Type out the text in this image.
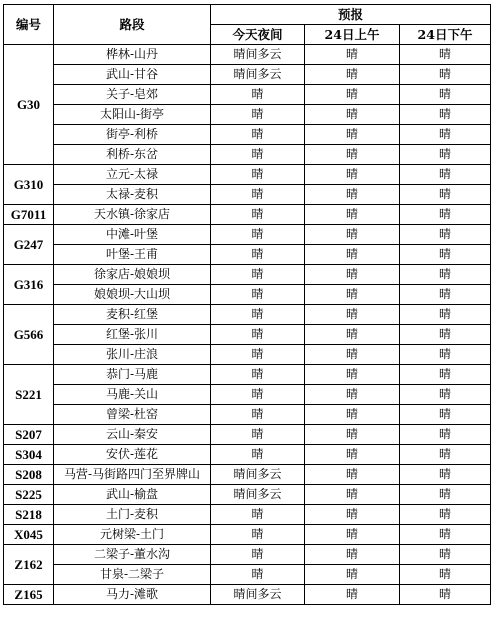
编号	路段	预报		
		今天夜间	24日上午	24日下午
G30	桦林-山丹	晴间多云	晴	晴
	武山-甘谷	晴间多云	晴	晴
	关子-皂郊	晴	晴	晴
	太阳山-街亭	晴	晴	晴
	街亭-利桥	晴	晴	晴
	利桥-东岔	晴	晴	晴
G310	立元-太禄	晴	晴	晴
	太禄-麦积	晴	晴	晴
G7011	天水镇-徐家店	晴	晴	晴
G247	中滩-叶堡	晴	晴	晴
	叶堡-王甫	晴	晴	晴
G316	徐家店-娘娘坝	晴	晴	晴
	娘娘坝-大山坝	晴	晴	晴
G566	麦积-红堡	晴	晴	晴
	红堡-张川	晴	晴	晴
	张川-庄浪	晴	晴	晴
S221	恭门-马鹿	晴	晴	晴
	马鹿-关山	晴	晴	晴
	曾梁-杜窑	晴	晴	晴
S207	云山-秦安	晴	晴	晴
S304	安伏-莲花	晴	晴	晴
S208	马营-马街路四门至界牌山	晴间多云	晴	晴
S225	武山-榆盘	晴间多云	晴	晴
S218	土门-麦积	晴	晴	晴
X045	元树梁-土门	晴	晴	晴
Z162	二梁子-董水沟	晴	晴	晴
	甘泉-二梁子	晴	晴	晴
Z165	马力-滩歌	晴间多云	晴	晴
